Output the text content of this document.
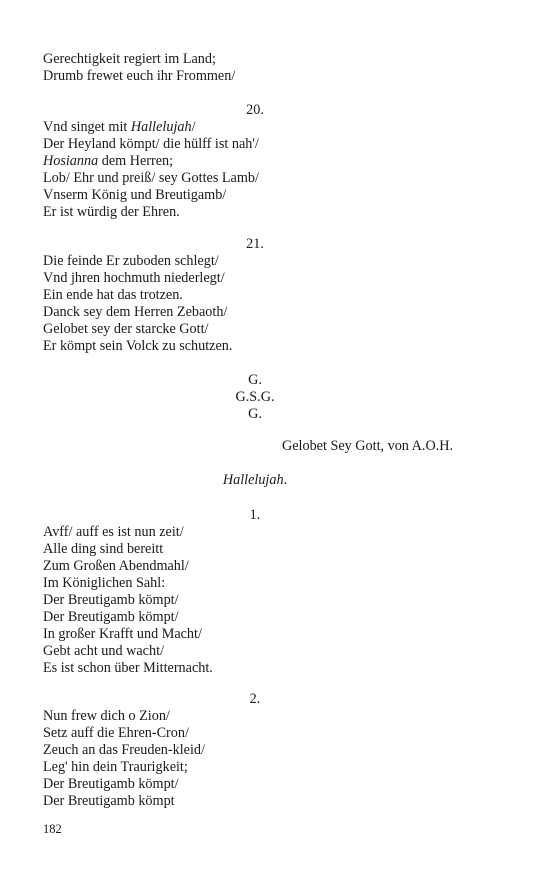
Gerechtigkeit regiert im Land;
Drumb frewet euch ihr Frommen/
20.
Vnd singet mit Hallelujah/
Der Heyland kömpt/ die hülff ist nah'/
Hosianna dem Herren;
Lob/ Ehr und preiß/ sey Gottes Lamb/
Vnserm König und Breutigamb/
Er ist würdig der Ehren.
21.
Die feinde Er zuboden schlegt/
Vnd jhren hochmuth niederlegt/
Ein ende hat das trotzen.
Danck sey dem Herren Zebaoth/
Gelobet sey der starcke Gott/
Er kömpt sein Volck zu schutzen.
G.
G.S.G.
G.
Gelobet Sey Gott, von A.O.H.
Hallelujah.
1.
Avff/ auff es ist nun zeit/
Alle ding sind bereitt
Zum Großen Abendmahl/
Im Königlichen Sahl:
Der Breutigamb kömpt/
Der Breutigamb kömpt/
In großer Krafft und Macht/
Gebt acht und wacht/
Es ist schon über Mitternacht.
2.
Nun frew dich o Zion/
Setz auff die Ehren-Cron/
Zeuch an das Freuden-kleid/
Leg' hin dein Traurigkeit;
Der Breutigamb kömpt/
Der Breutigamb kömpt
182
